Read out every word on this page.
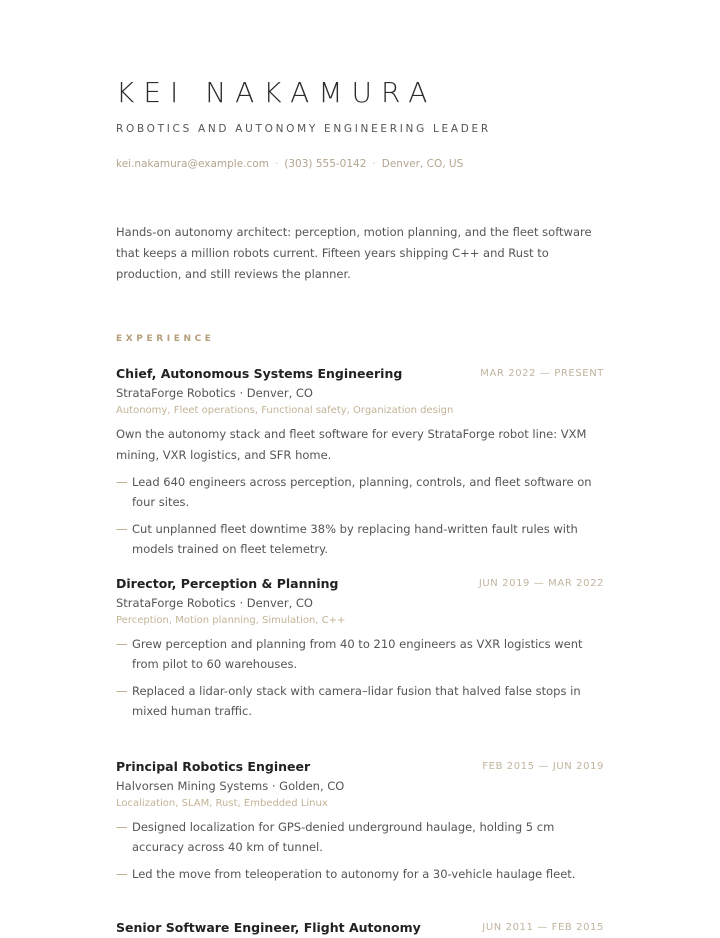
KEI NAKAMURA
ROBOTICS AND AUTONOMY ENGINEERING LEADER
kei.nakamura@example.com · (303) 555-0142 · Denver, CO, US

Hands-on autonomy architect: perception, motion planning, and the fleet software that keeps a million robots current. Fifteen years shipping C++ and Rust to production, and still reviews the planner.

EXPERIENCE
Chief, Autonomous Systems Engineering	MAR 2022 — PRESENT
StrataForge Robotics · Denver, CO
Autonomy, Fleet operations, Functional safety, Organization design

Own the autonomy stack and fleet software for every StrataForge robot line: VXM mining, VXR logistics, and SFR home.

— Lead 640 engineers across perception, planning, controls, and fleet software on four sites.
— Cut unplanned fleet downtime 38% by replacing hand-written fault rules with models trained on fleet telemetry.
Director, Perception & Planning	JUN 2019 — MAR 2022
StrataForge Robotics · Denver, CO
Perception, Motion planning, Simulation, C++
— Grew perception and planning from 40 to 210 engineers as VXR logistics went from pilot to 60 warehouses.
— Replaced a lidar-only stack with camera–lidar fusion that halved false stops in mixed human traffic.
Principal Robotics Engineer	FEB 2015 — JUN 2019
Halvorsen Mining Systems · Golden, CO
Localization, SLAM, Rust, Embedded Linux
— Designed localization for GPS-denied underground haulage, holding 5 cm accuracy across 40 km of tunnel.
— Led the move from teleoperation to autonomy for a 30-vehicle haulage fleet.
Senior Software Engineer, Flight Autonomy	JUN 2011 — FEB 2015
